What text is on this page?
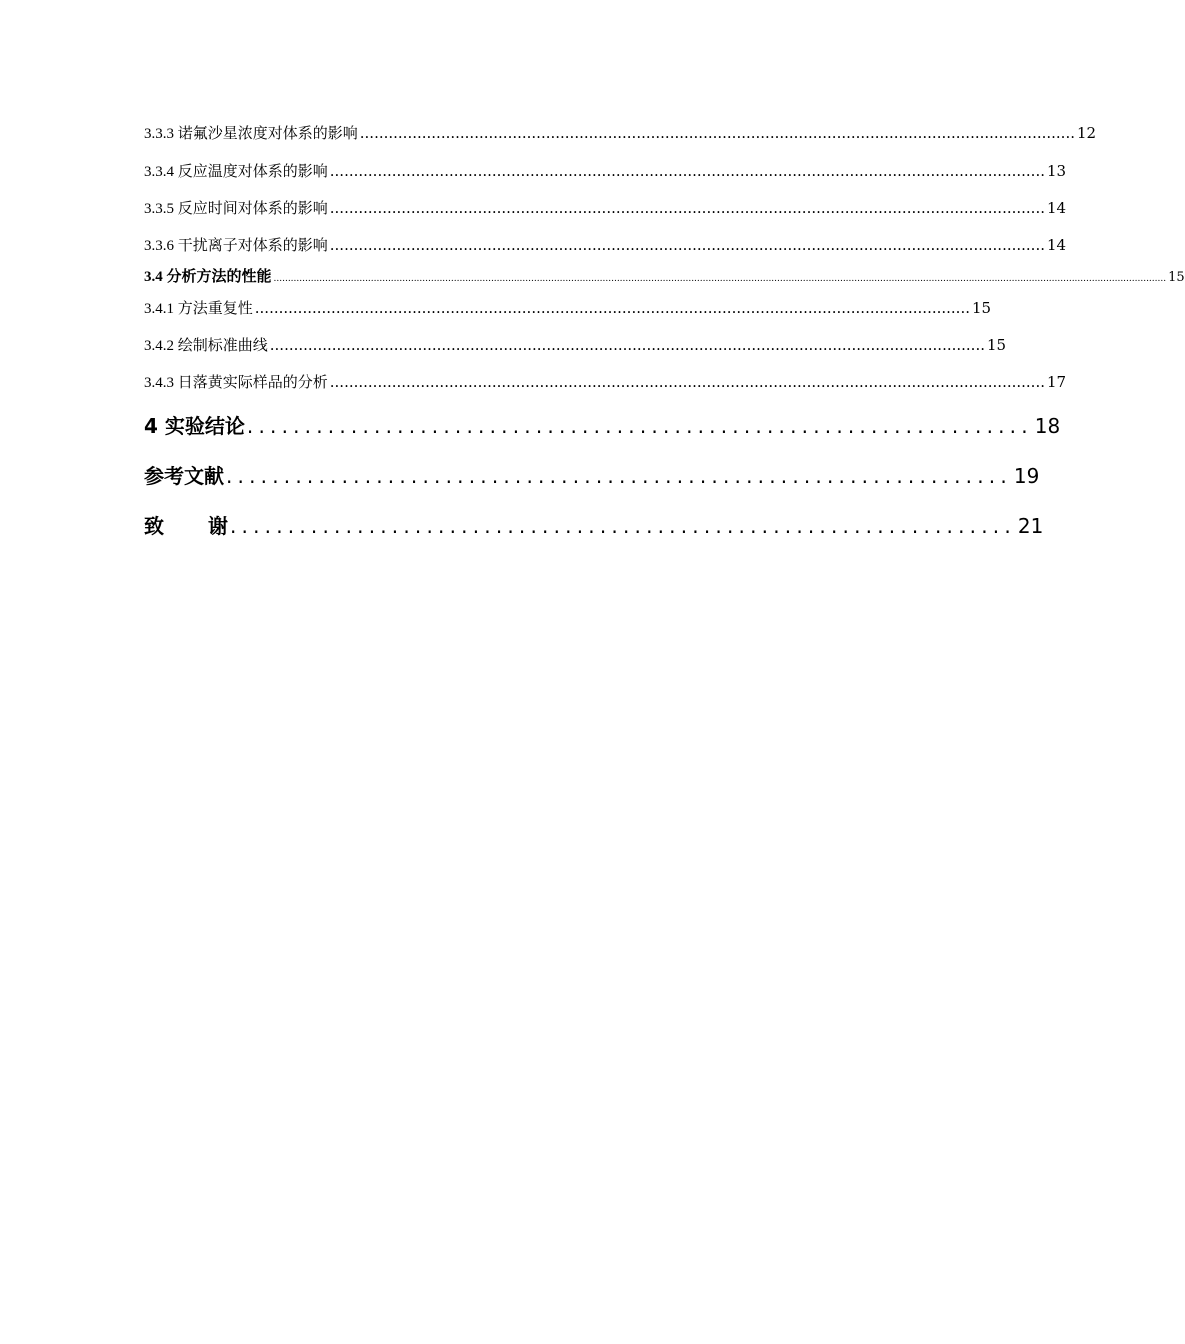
3.3.3 诺氟沙星浓度对体系的影响 ...................................................................................................................................................... 12
3.3.4 反应温度对体系的影响 ...................................................................................................................................................... 13
3.3.5 反应时间对体系的影响 ...................................................................................................................................................... 14
3.3.6 干扰离子对体系的影响 ...................................................................................................................................................... 14
3.4 分析方法的性能 ........................................................................................................................................................................................................................................................................................................................ 15
3.4.1 方法重复性 ...................................................................................................................................................... 15
3.4.2 绘制标准曲线 ...................................................................................................................................................... 15
3.4.3 日落黄实际样品的分析 ...................................................................................................................................................... 17
4 实验结论 .................................................................... 18
参考文献 .................................................................... 19
致 谢 .................................................................... 21
